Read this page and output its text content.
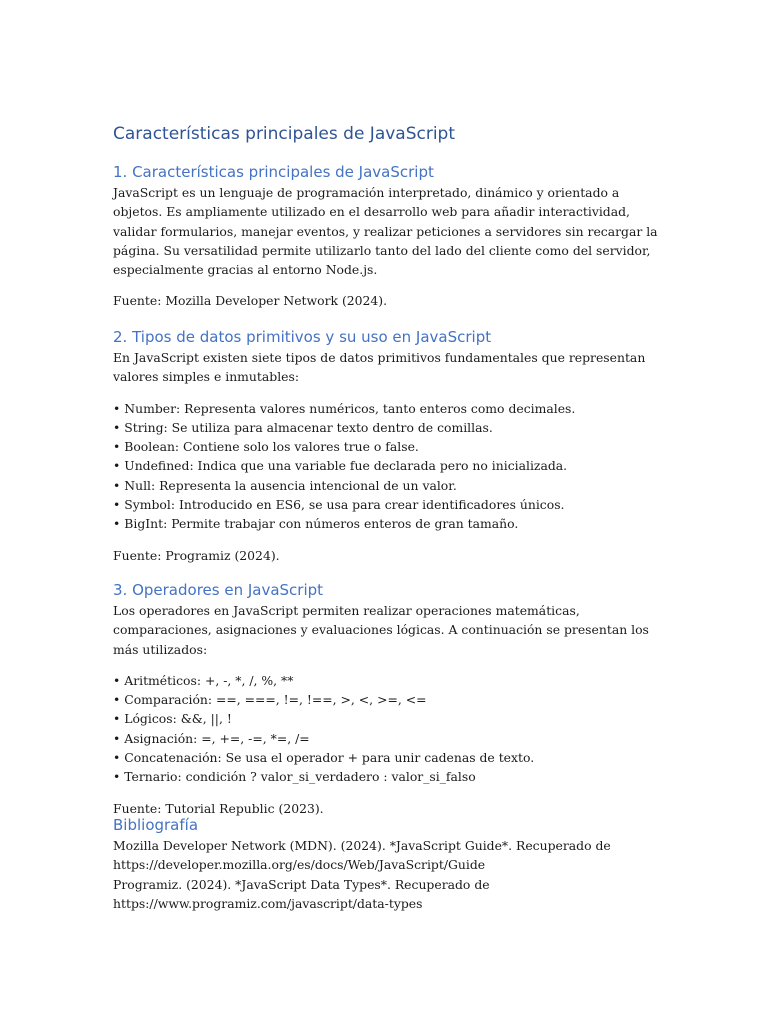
Características principales de JavaScript
1. Características principales de JavaScript

JavaScript es un lenguaje de programación interpretado, dinámico y orientado a objetos. Es ampliamente utilizado en el desarrollo web para añadir interactividad, validar formularios, manejar eventos, y realizar peticiones a servidores sin recargar la página. Su versatilidad permite utilizarlo tanto del lado del cliente como del servidor, especialmente gracias al entorno Node.js.

Fuente: Mozilla Developer Network (2024).

2. Tipos de datos primitivos y su uso en JavaScript

En JavaScript existen siete tipos de datos primitivos fundamentales que representan valores simples e inmutables:

• Number: Representa valores numéricos, tanto enteros como decimales.
• String: Se utiliza para almacenar texto dentro de comillas.
• Boolean: Contiene solo los valores true o false.
• Undefined: Indica que una variable fue declarada pero no inicializada.
• Null: Representa la ausencia intencional de un valor.
• Symbol: Introducido en ES6, se usa para crear identificadores únicos.
• BigInt: Permite trabajar con números enteros de gran tamaño.

Fuente: Programiz (2024).

3. Operadores en JavaScript

Los operadores en JavaScript permiten realizar operaciones matemáticas, comparaciones, asignaciones y evaluaciones lógicas. A continuación se presentan los más utilizados:

• Aritméticos: +, -, *, /, %, **
• Comparación: ==, ===, !=, !==, >, <, >=, <=
• Lógicos: &&, ||, !
• Asignación: =, +=, -=, *=, /=
• Concatenación: Se usa el operador + para unir cadenas de texto.
• Ternario: condición ? valor_si_verdadero : valor_si_falso

Fuente: Tutorial Republic (2023).

Bibliografía

Mozilla Developer Network (MDN). (2024). *JavaScript Guide*. Recuperado de

https://developer.mozilla.org/es/docs/Web/JavaScript/Guide

Programiz. (2024). *JavaScript Data Types*. Recuperado de

https://www.programiz.com/javascript/data-types
